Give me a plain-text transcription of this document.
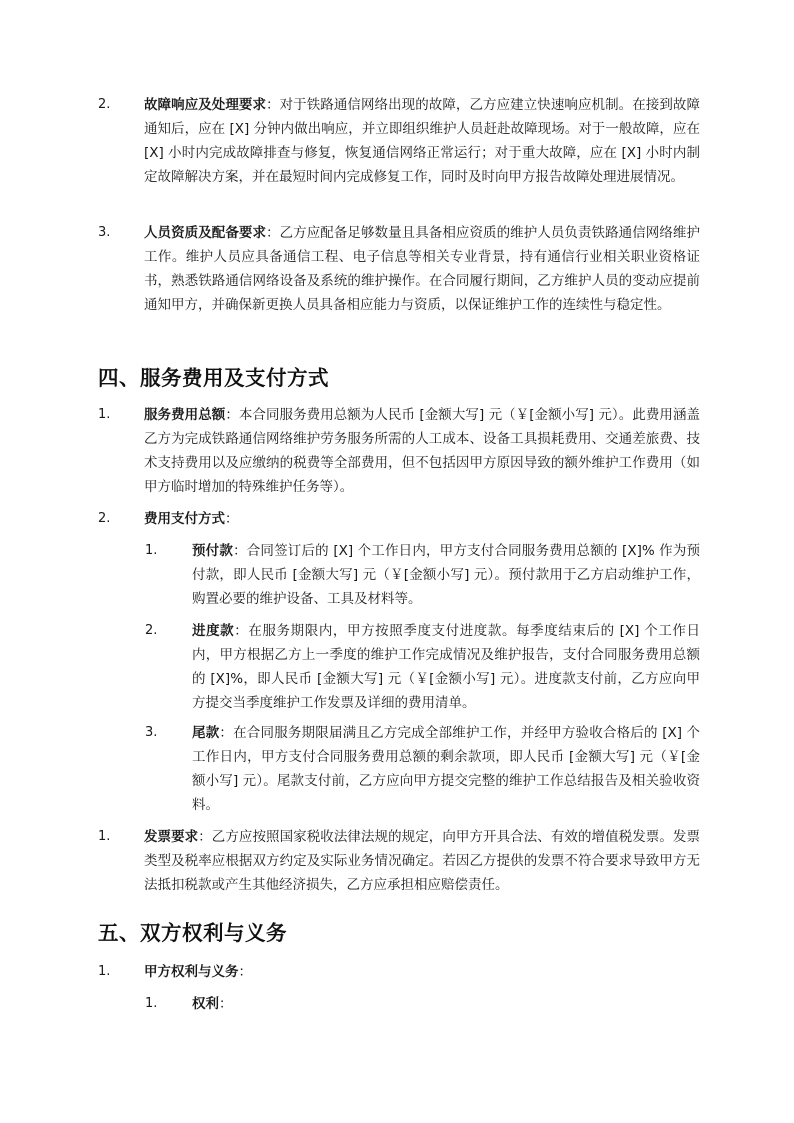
2. 故障响应及处理要求：对于铁路通信网络出现的故障，乙方应建立快速响应机制。在接到故障通知后，应在 [X] 分钟内做出响应，并立即组织维护人员赶赴故障现场。对于一般故障，应在 [X] 小时内完成故障排查与修复，恢复通信网络正常运行；对于重大故障，应在 [X] 小时内制定故障解决方案，并在最短时间内完成修复工作，同时及时向甲方报告故障处理进展情况。
3. 人员资质及配备要求：乙方应配备足够数量且具备相应资质的维护人员负责铁路通信网络维护工作。维护人员应具备通信工程、电子信息等相关专业背景，持有通信行业相关职业资格证书，熟悉铁路通信网络设备及系统的维护操作。在合同履行期间，乙方维护人员的变动应提前通知甲方，并确保新更换人员具备相应能力与资质，以保证维护工作的连续性与稳定性。
四、服务费用及支付方式
1. 服务费用总额：本合同服务费用总额为人民币 [金额大写] 元（￥[金额小写] 元）。此费用涵盖乙方为完成铁路通信网络维护劳务服务所需的人工成本、设备工具损耗费用、交通差旅费、技术支持费用以及应缴纳的税费等全部费用，但不包括因甲方原因导致的额外维护工作费用（如甲方临时增加的特殊维护任务等）。
2. 费用支付方式：
1.	预付款：合同签订后的 [X] 个工作日内，甲方支付合同服务费用总额的 [X]% 作为预付款，即人民币 [金额大写] 元（￥[金额小写] 元）。预付款用于乙方启动维护工作，购置必要的维护设备、工具及材料等。
2.	进度款：在服务期限内，甲方按照季度支付进度款。每季度结束后的 [X] 个工作日内，甲方根据乙方上一季度的维护工作完成情况及维护报告，支付合同服务费用总额的 [X]%，即人民币 [金额大写] 元（￥[金额小写] 元）。进度款支付前，乙方应向甲方提交当季度维护工作发票及详细的费用清单。
3.	尾款：在合同服务期限届满且乙方完成全部维护工作，并经甲方验收合格后的 [X] 个工作日内，甲方支付合同服务费用总额的剩余款项，即人民币 [金额大写] 元（￥[金额小写] 元）。尾款支付前，乙方应向甲方提交完整的维护工作总结报告及相关验收资料。
1. 发票要求：乙方应按照国家税收法律法规的规定，向甲方开具合法、有效的增值税发票。发票类型及税率应根据双方约定及实际业务情况确定。若因乙方提供的发票不符合要求导致甲方无法抵扣税款或产生其他经济损失，乙方应承担相应赔偿责任。
五、双方权利与义务
1. 甲方权利与义务：
1.	权利：
